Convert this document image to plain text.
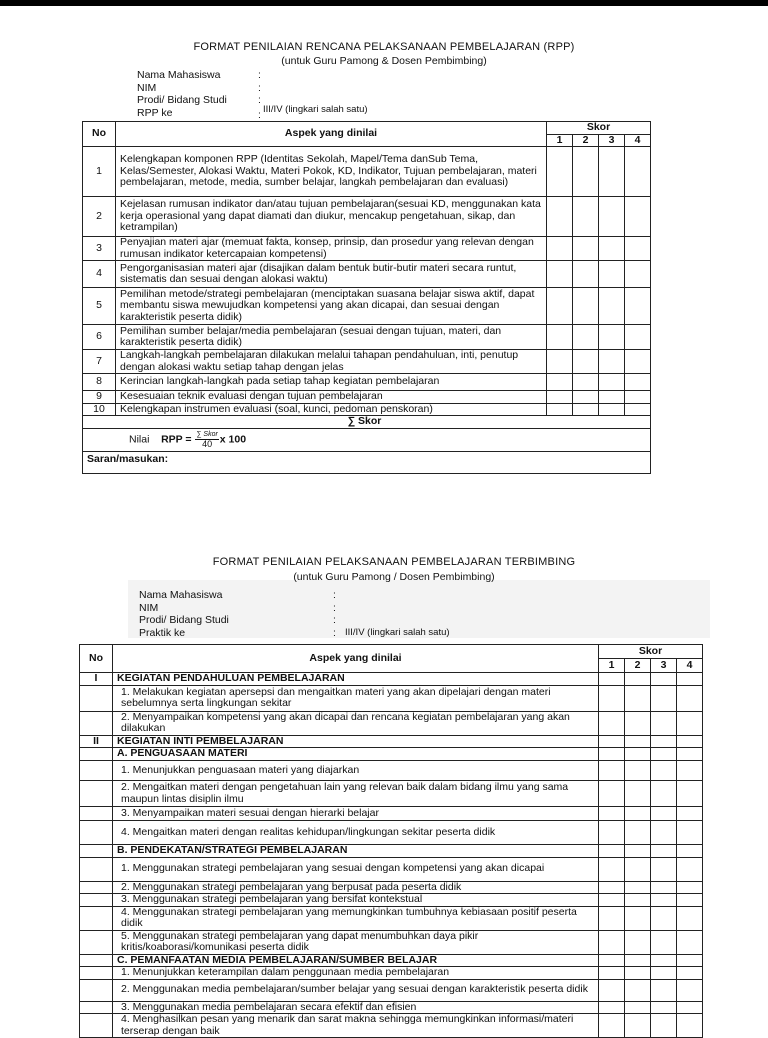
FORMAT PENILAIAN RENCANA PELAKSANAAN PEMBELAJARAN (RPP)
(untuk Guru Pamong & Dosen Pembimbing)
Nama Mahasiswa	:
NIM	:
Prodi/ Bidang Studi	:
RPP ke	: III/IV (lingkari salah satu)
No	Aspek yang dinilai	Skor			
		1	2	3	4
1	Kelengkapan komponen RPP (Identitas Sekolah, Mapel/Tema danSub Tema, Kelas/Semester, Alokasi Waktu, Materi Pokok, KD, Indikator, Tujuan pembelajaran, materi pembelajaran, metode, media, sumber belajar, langkah pembelajaran dan evaluasi)				
2	Kejelasan rumusan indikator dan/atau tujuan pembelajaran(sesuai KD, menggunakan kata kerja operasional yang dapat diamati dan diukur, mencakup pengetahuan, sikap, dan ketrampilan)				
3	Penyajian materi ajar (memuat fakta, konsep, prinsip, dan prosedur yang relevan dengan rumusan indikator ketercapaian kompetensi)				
4	Pengorganisasian materi ajar (disajikan dalam bentuk butir-butir materi secara runtut, sistematis dan sesuai dengan alokasi waktu)				
5	Pemilihan metode/strategi pembelajaran (menciptakan suasana belajar siswa aktif, dapat membantu siswa mewujudkan kompetensi yang akan dicapai, dan sesuai dengan karakteristik peserta didik)				
6	Pemilihan sumber belajar/media pembelajaran (sesuai dengan tujuan, materi, dan karakteristik peserta didik)				
7	Langkah-langkah pembelajaran dilakukan melalui tahapan pendahuluan, inti, penutup dengan alokasi waktu setiap tahap dengan jelas				
8	Kerincian langkah-langkah pada setiap tahap kegiatan pembelajaran				
9	Kesesuaian teknik evaluasi dengan tujuan pembelajaran				
10	Kelengkapan instrumen evaluasi (soal, kunci, pedoman penskoran)				
∑ Skor					
Nilai RPP = $\frac{\text{∑ Skor}}{40}$ x 100					
Saran/masukan:					
FORMAT PENILAIAN PELAKSANAAN PEMBELAJARAN TERBIMBING
(untuk Guru Pamong / Dosen Pembimbing)
Nama Mahasiswa	:
NIM	:
Prodi/ Bidang Studi	:
Praktik ke	: III/IV (lingkari salah satu)
No	Aspek yang dinilai	Skor			
		1	2	3	4
I	KEGIATAN PENDAHULUAN PEMBELAJARAN				
	1. Melakukan kegiatan apersepsi dan mengaitkan materi yang akan dipelajari dengan materi sebelumnya serta lingkungan sekitar				
	2. Menyampaikan kompetensi yang akan dicapai dan rencana kegiatan pembelajaran yang akan dilakukan				
II	KEGIATAN INTI PEMBELAJARAN				
	A. PENGUASAAN MATERI				
	1. Menunjukkan penguasaan materi yang diajarkan				
	2. Mengaitkan materi dengan pengetahuan lain yang relevan baik dalam bidang ilmu yang sama maupun lintas disiplin ilmu				
	3. Menyampaikan materi sesuai dengan hierarki belajar				
	4. Mengaitkan materi dengan realitas kehidupan/lingkungan sekitar peserta didik				
	B. PENDEKATAN/STRATEGI PEMBELAJARAN				
	1. Menggunakan strategi pembelajaran yang sesuai dengan kompetensi yang akan dicapai				
	2. Menggunakan strategi pembelajaran yang berpusat pada peserta didik				
	3. Menggunakan strategi pembelajaran yang bersifat kontekstual				
	4. Menggunakan strategi pembelajaran yang memungkinkan tumbuhnya kebiasaan positif peserta didik				
	5. Menggunakan strategi pembelajaran yang dapat menumbuhkan daya pikir kritis/koaborasi/komunikasi peserta didik				
	C. PEMANFAATAN MEDIA PEMBELAJARAN/SUMBER BELAJAR				
	1. Menunjukkan keterampilan dalam penggunaan media pembelajaran				
	2. Menggunakan media pembelajaran/sumber belajar yang sesuai dengan karakteristik peserta didik				
	3. Menggunakan media pembelajaran secara efektif dan efisien				
	4. Menghasilkan pesan yang menarik dan sarat makna sehingga memungkinkan informasi/materi terserap dengan baik				
